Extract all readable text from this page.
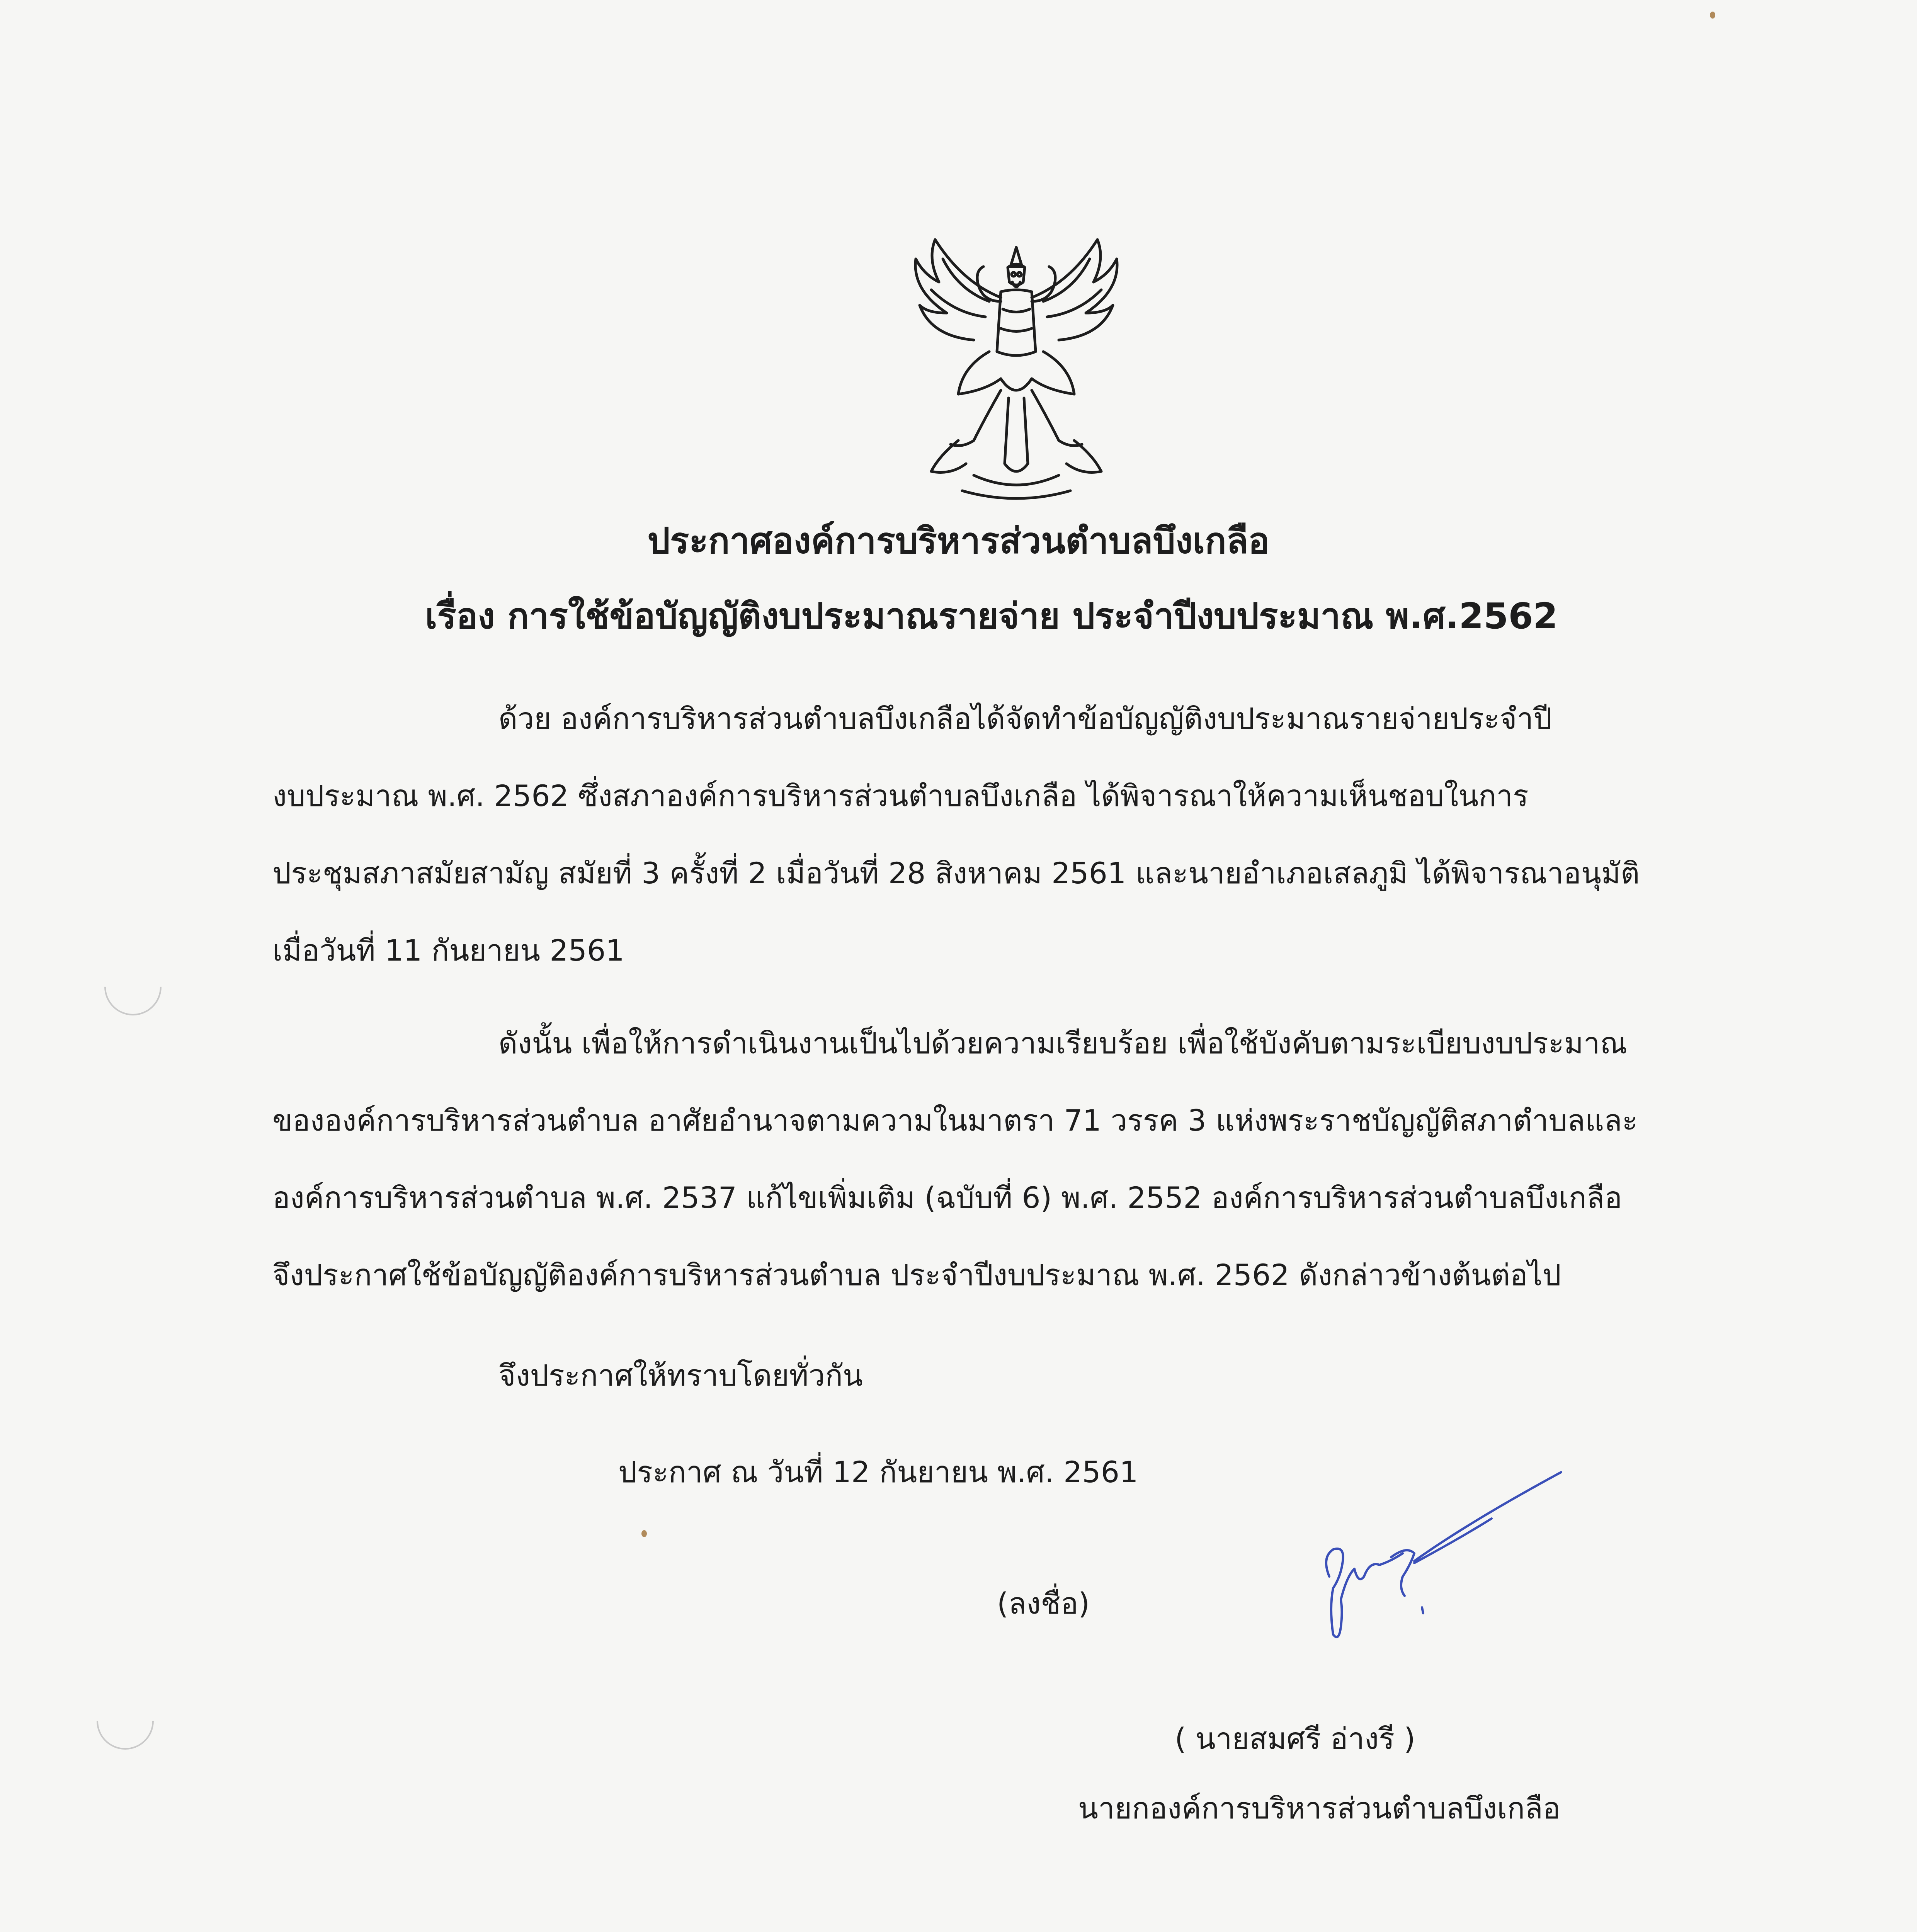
ประกาศองค์การบริหารส่วนตำบลบึงเกลือ
เรื่อง การใช้ข้อบัญญัติงบประมาณรายจ่าย ประจำปีงบประมาณ พ.ศ.2562
ด้วย องค์การบริหารส่วนตำบลบึงเกลือได้จัดทำข้อบัญญัติงบประมาณรายจ่ายประจำปี
งบประมาณ พ.ศ. 2562 ซึ่งสภาองค์การบริหารส่วนตำบลบึงเกลือ ได้พิจารณาให้ความเห็นชอบในการ
ประชุมสภาสมัยสามัญ สมัยที่ 3 ครั้งที่ 2 เมื่อวันที่ 28 สิงหาคม 2561 และนายอำเภอเสลภูมิ ได้พิจารณาอนุมัติ
เมื่อวันที่ 11 กันยายน 2561
ดังนั้น เพื่อให้การดำเนินงานเป็นไปด้วยความเรียบร้อย เพื่อใช้บังคับตามระเบียบงบประมาณ
ขององค์การบริหารส่วนตำบล อาศัยอำนาจตามความในมาตรา 71 วรรค 3 แห่งพระราชบัญญัติสภาตำบลและ
องค์การบริหารส่วนตำบล พ.ศ. 2537 แก้ไขเพิ่มเติม (ฉบับที่ 6) พ.ศ. 2552 องค์การบริหารส่วนตำบลบึงเกลือ
จึงประกาศใช้ข้อบัญญัติองค์การบริหารส่วนตำบล ประจำปีงบประมาณ พ.ศ. 2562 ดังกล่าวข้างต้นต่อไป
จึงประกาศให้ทราบโดยทั่วกัน
ประกาศ ณ วันที่ 12 กันยายน พ.ศ. 2561
(ลงชื่อ)
( นายสมศรี อ่างรี )
นายกองค์การบริหารส่วนตำบลบึงเกลือ
